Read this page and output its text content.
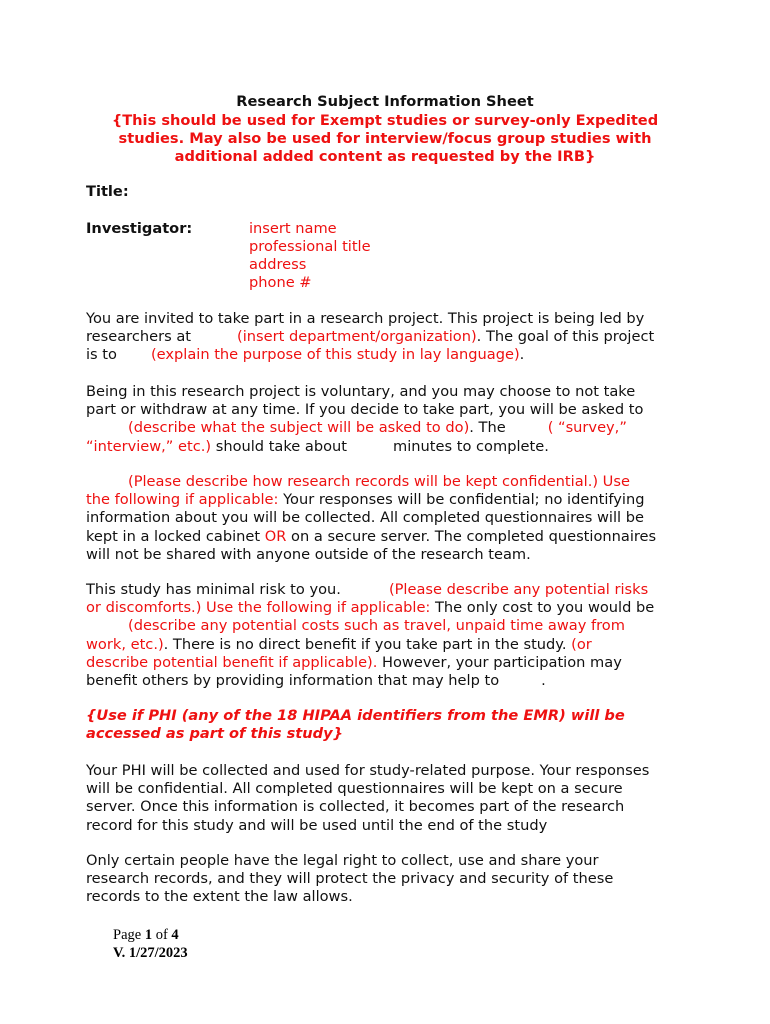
Research Subject Information Sheet
{This should be used for Exempt studies or survey-only Expedited
studies. May also be used for interview/focus group studies with
additional added content as requested by the IRB}
Title:
Investigator:	insert name
professional title
address
phone #
You are invited to take part in a research project. This project is being led by
researchers at	(insert department/organization). The goal of this project
is to (explain the purpose of this study in lay language).
Being in this research project is voluntary, and you may choose to not take
part or withdraw at any time. If you decide to take part, you will be asked to
(describe what the subject will be asked to do). The	( “survey,”
“interview,” etc.) should take about	minutes to complete.
(Please describe how research records will be kept confidential.) Use
the following if applicable: Your responses will be confidential; no identifying
information about you will be collected. All completed questionnaires will be
kept in a locked cabinet OR on a secure server. The completed questionnaires
will not be shared with anyone outside of the research team.
This study has minimal risk to you.	(Please describe any potential risks
or discomforts.) Use the following if applicable: The only cost to you would be
(describe any potential costs such as travel, unpaid time away from
work, etc.). There is no direct benefit if you take part in the study. (or
describe potential benefit if applicable). However, your participation may
benefit others by providing information that may help to	.
{Use if PHI (any of the 18 HIPAA identifiers from the EMR) will be
accessed as part of this study}
Your PHI will be collected and used for study-related purpose. Your responses
will be confidential. All completed questionnaires will be kept on a secure
server. Once this information is collected, it becomes part of the research
record for this study and will be used until the end of the study
Only certain people have the legal right to collect, use and share your
research records, and they will protect the privacy and security of these
records to the extent the law allows.
Page 1 of 4
V. 1/27/2023
